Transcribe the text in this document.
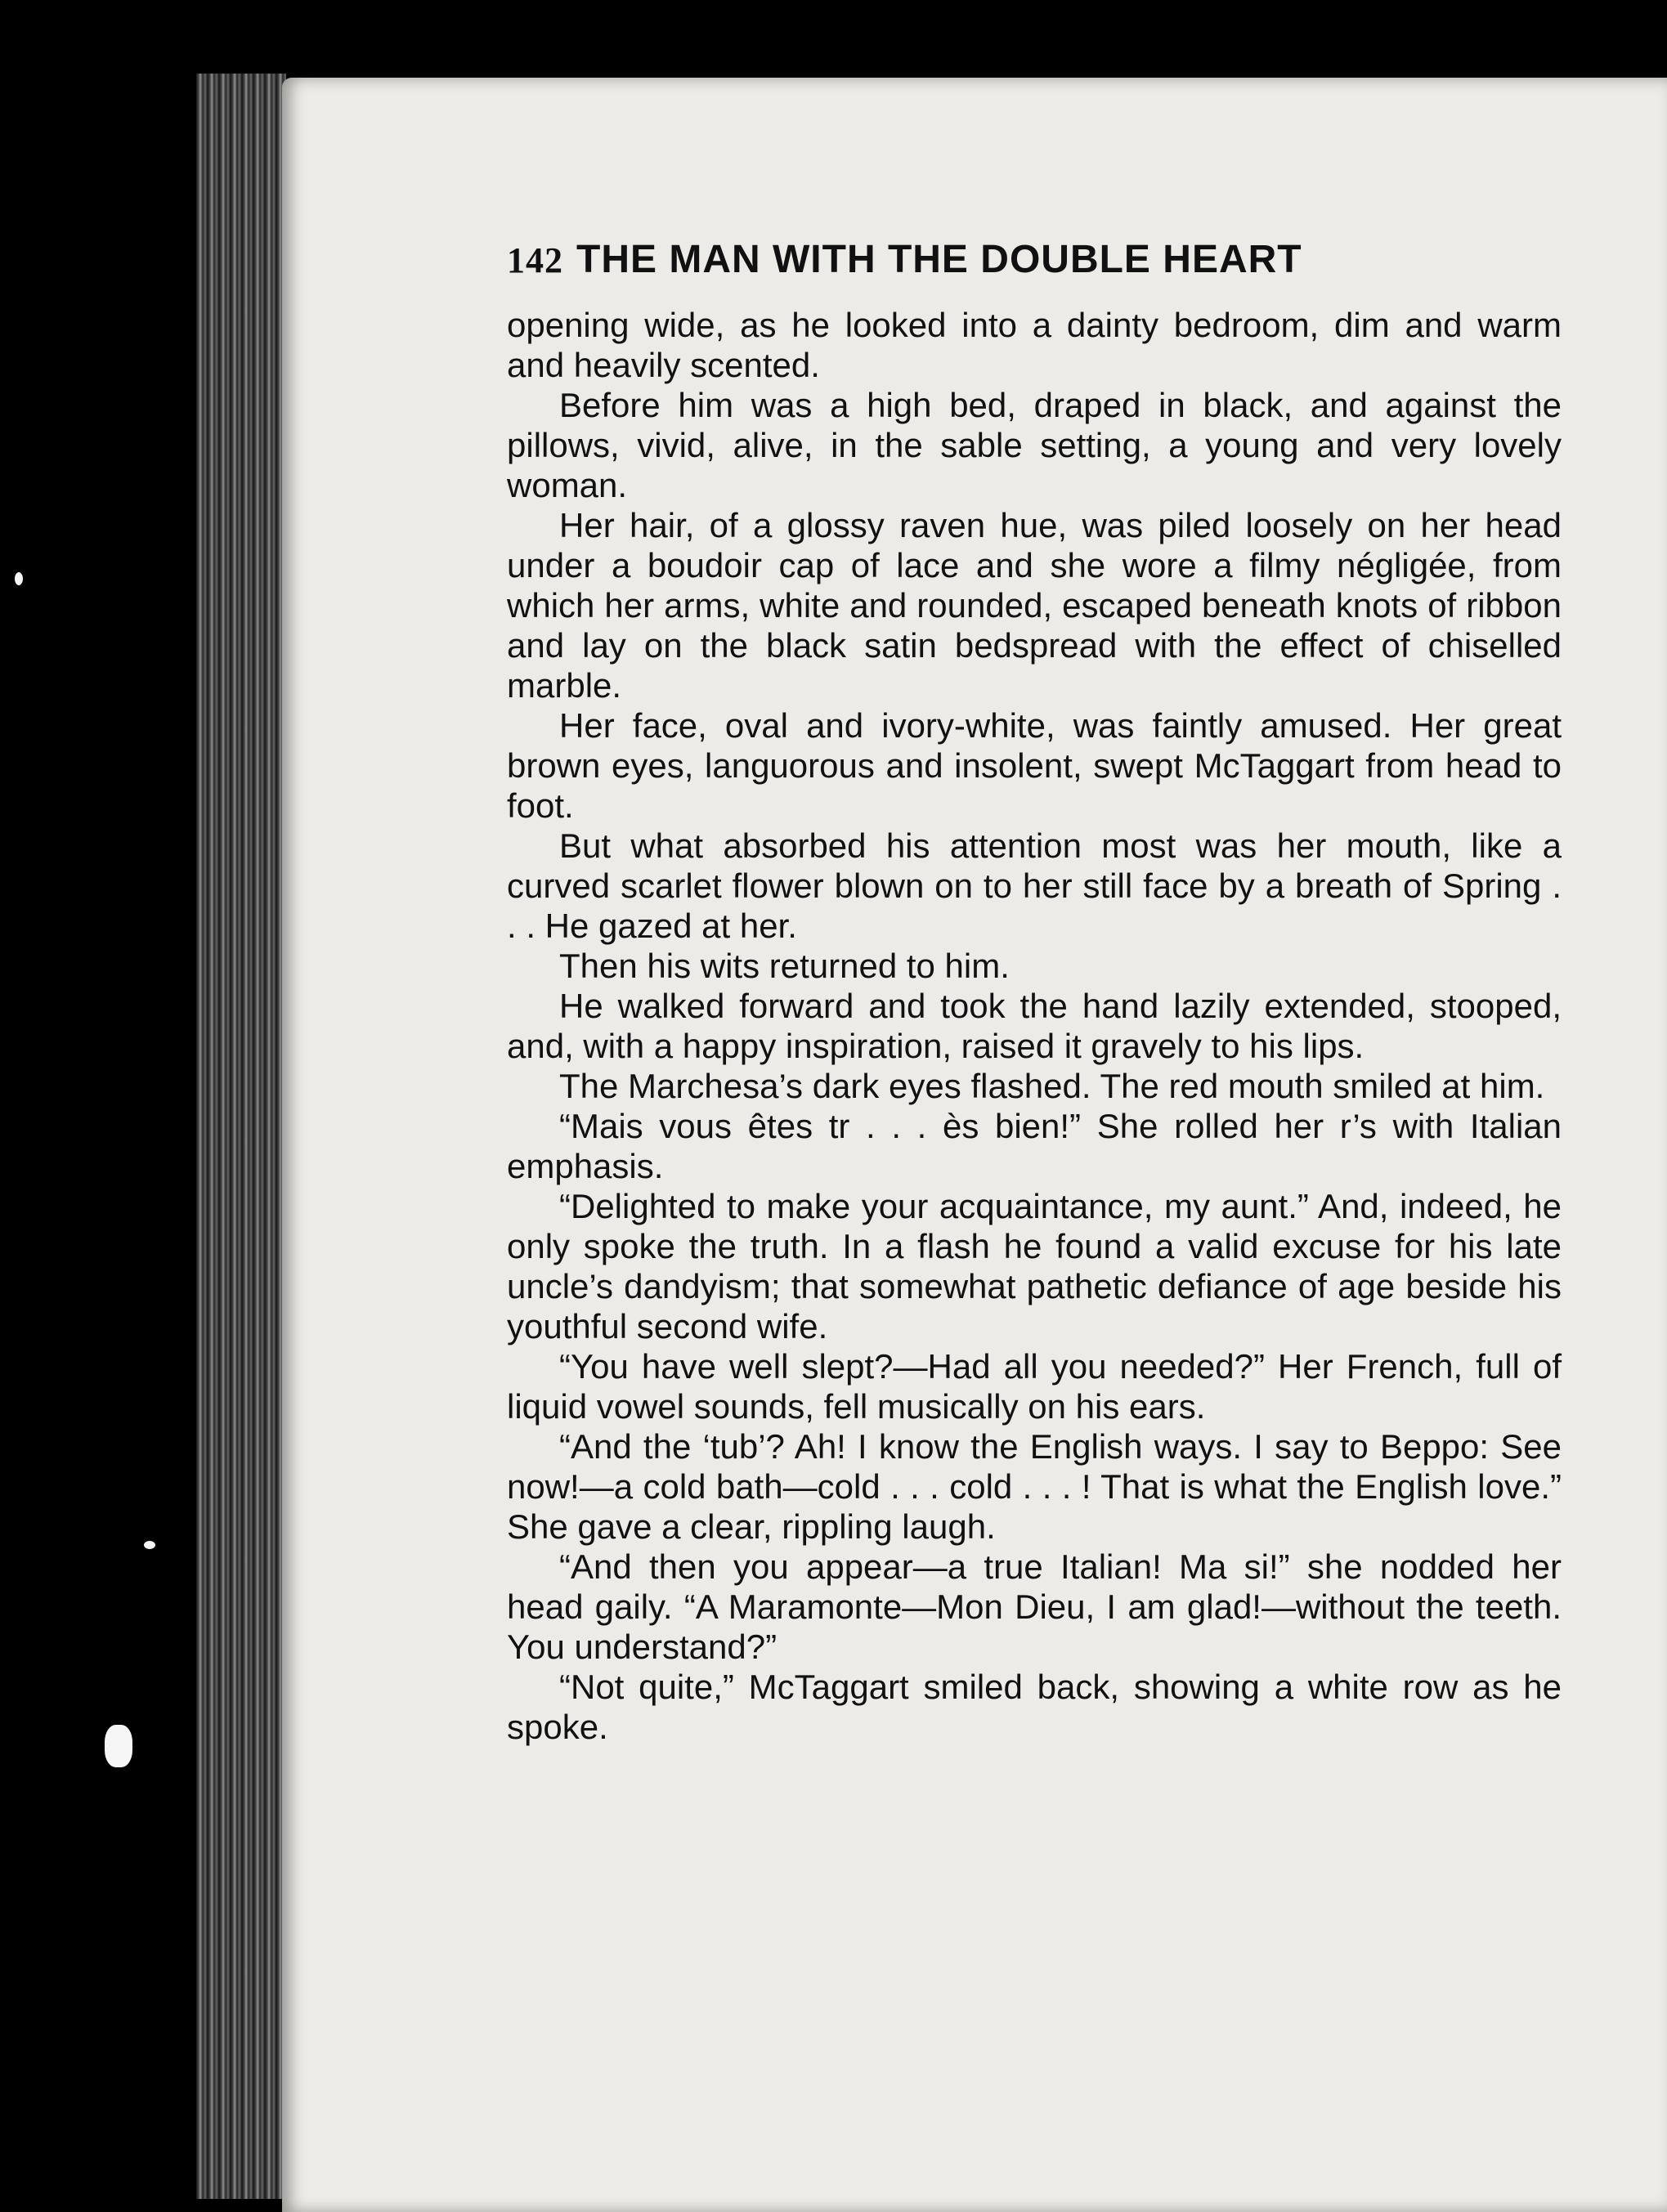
142 THE MAN WITH THE DOUBLE HEART

opening wide, as he looked into a dainty bedroom, dim and warm and heavily scented.

Before him was a high bed, draped in black, and against the pillows, vivid, alive, in the sable setting, a young and very lovely woman.

Her hair, of a glossy raven hue, was piled loosely on her head under a boudoir cap of lace and she wore a filmy négligée, from which her arms, white and rounded, escaped beneath knots of ribbon and lay on the black satin bedspread with the effect of chiselled marble.

Her face, oval and ivory-white, was faintly amused. Her great brown eyes, languorous and insolent, swept McTaggart from head to foot.

But what absorbed his attention most was her mouth, like a curved scarlet flower blown on to her still face by a breath of Spring . . . He gazed at her.

Then his wits returned to him.

He walked forward and took the hand lazily extended, stooped, and, with a happy inspiration, raised it gravely to his lips.

The Marchesa’s dark eyes flashed. The red mouth smiled at him.

“Mais vous êtes tr . . . ès bien!” She rolled her r’s with Italian emphasis.

“Delighted to make your acquaintance, my aunt.” And, indeed, he only spoke the truth. In a flash he found a valid excuse for his late uncle’s dandyism; that somewhat pathetic defiance of age beside his youthful second wife.

“You have well slept?—Had all you needed?” Her French, full of liquid vowel sounds, fell musically on his ears.

“And the ‘tub’? Ah! I know the English ways. I say to Beppo: See now!—a cold bath—cold . . . cold . . . ! That is what the English love.” She gave a clear, rippling laugh.

“And then you appear—a true Italian! Ma si!” she nodded her head gaily. “A Maramonte—Mon Dieu, I am glad!—without the teeth. You understand?”

“Not quite,” McTaggart smiled back, showing a white row as he spoke.
